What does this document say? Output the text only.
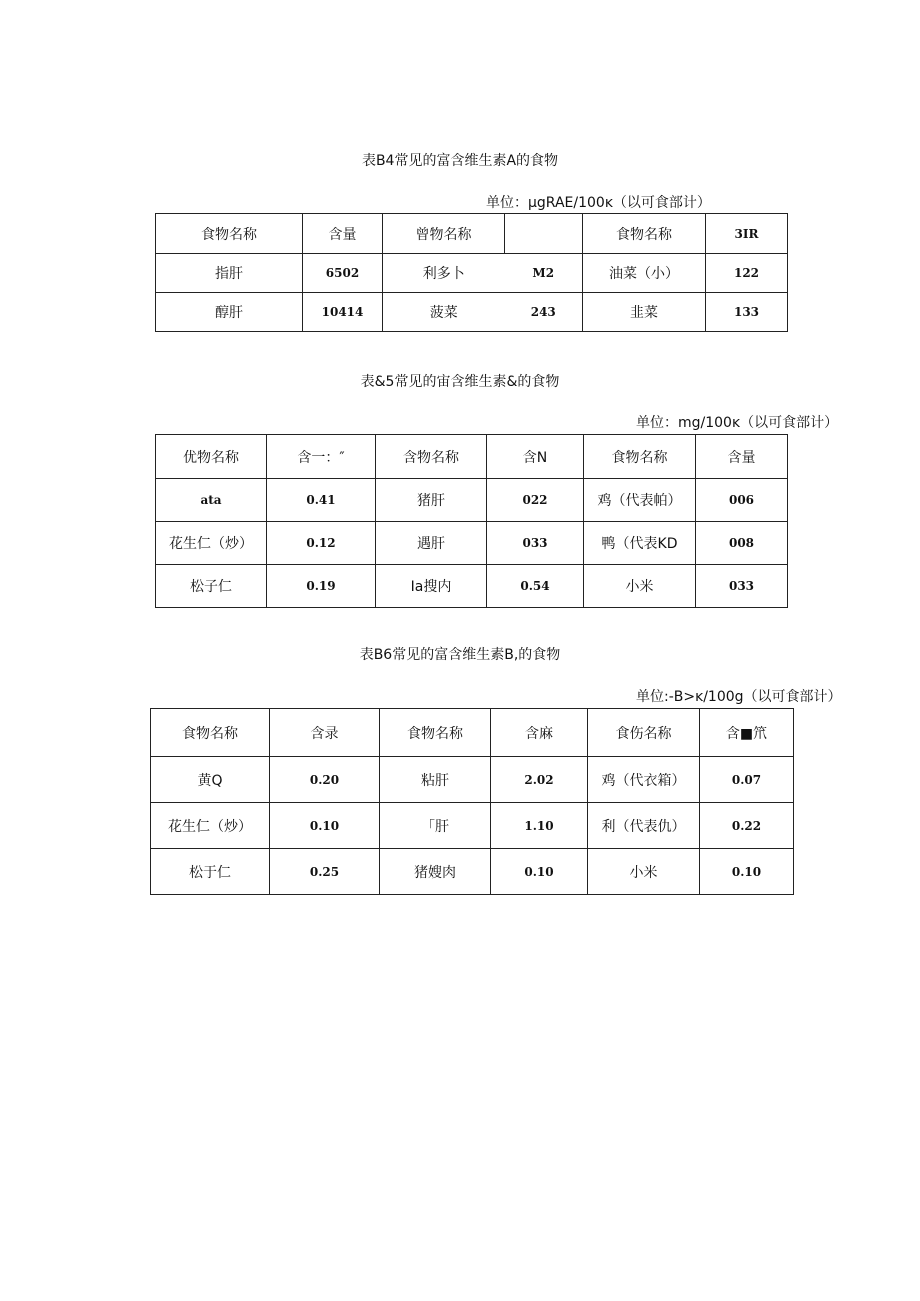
表B4常见的富含维生素A的食物
单位：μgRAE/100ĸ（以可食部计）
食物名称	含量	曾物名称		食物名称	3IR
指肝	6502	利多卜	M2	油菜（小）	122
醇肝	10414	菠菜	243	韭菜	133
表&5常见的宙含维生素&的食物
单位：mg/100ĸ（以可食部计）
优物名称	含一：″	含物名称	含N	食物名称	含量
ata	0.41	猪肝	022	鸡（代表帕）	006
花生仁（炒）	0.12	遇肝	033	鸭（代表KD	008
松子仁	0.19	Ia搜内	0.54	小米	033
表B6常见的富含维生素B,的食物
单位:-B>ĸ/100g（以可食部计）
食物名称	含录	食物名称	含麻	食伤名称	含■笊
黄Q	0.20	粘肝	2.02	鸡（代衣箱）	0.07
花生仁（炒）	0.10	「肝	1.10	利（代表仇）	0.22
松于仁	0.25	猪嫂肉	0.10	小米	0.10
